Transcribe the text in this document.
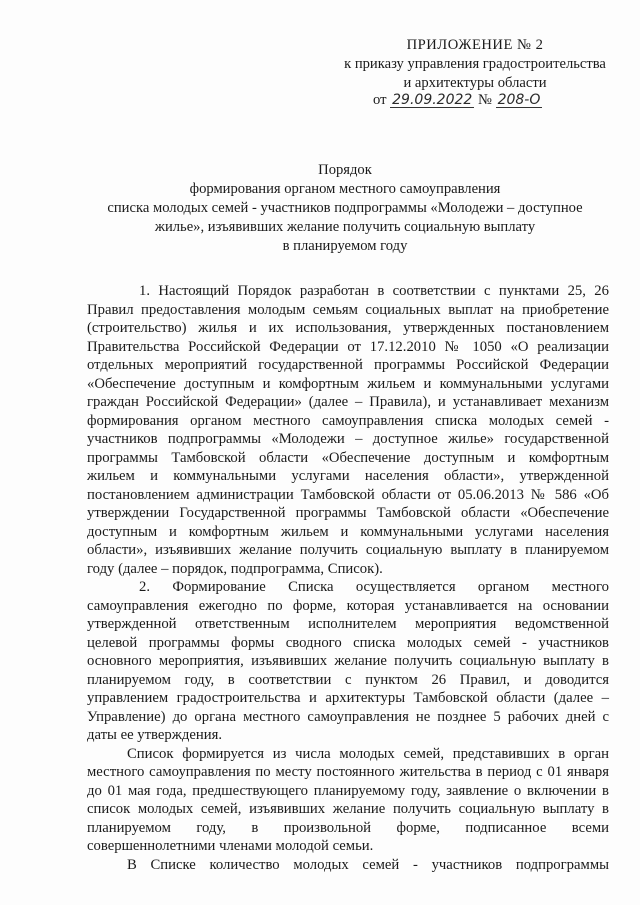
ПРИЛОЖЕНИЕ № 2
к приказу управления градостроительства
и архитектуры области
от 29.09.2022 № 208-О
Порядок
формирования органом местного самоуправления
списка молодых семей - участников подпрограммы «Молодежи – доступное
жилье», изъявивших желание получить социальную выплату
в планируемом году
1. Настоящий Порядок разработан в соответствии с пунктами 25, 26
Правил предоставления молодым семьям социальных выплат на приобретение
(строительство) жилья и их использования, утвержденных постановлением
Правительства Российской Федерации от 17.12.2010 № 1050 «О реализации
отдельных мероприятий государственной программы Российской Федерации
«Обеспечение доступным и комфортным жильем и коммунальными услугами
граждан Российской Федерации» (далее – Правила), и устанавливает механизм
формирования органом местного самоуправления списка молодых семей -
участников подпрограммы «Молодежи – доступное жилье» государственной
программы Тамбовской области «Обеспечение доступным и комфортным
жильем и коммунальными услугами населения области», утвержденной
постановлением администрации Тамбовской области от 05.06.2013 № 586 «Об
утверждении Государственной программы Тамбовской области «Обеспечение
доступным и комфортным жильем и коммунальными услугами населения
области», изъявивших желание получить социальную выплату в планируемом
году (далее – порядок, подпрограмма, Список).
2. Формирование Списка осуществляется органом местного
самоуправления ежегодно по форме, которая устанавливается на основании
утвержденной ответственным исполнителем мероприятия ведомственной
целевой программы формы сводного списка молодых семей - участников
основного мероприятия, изъявивших желание получить социальную выплату в
планируемом году, в соответствии с пунктом 26 Правил, и доводится
управлением градостроительства и архитектуры Тамбовской области (далее –
Управление) до органа местного самоуправления не позднее 5 рабочих дней с
даты ее утверждения.
Список формируется из числа молодых семей, представивших в орган
местного самоуправления по месту постоянного жительства в период с 01 января
до 01 мая года, предшествующего планируемому году, заявление о включении в
список молодых семей, изъявивших желание получить социальную выплату в
планируемом году, в произвольной форме, подписанное всеми
совершеннолетними членами молодой семьи.
В Списке количество молодых семей - участников подпрограммы
